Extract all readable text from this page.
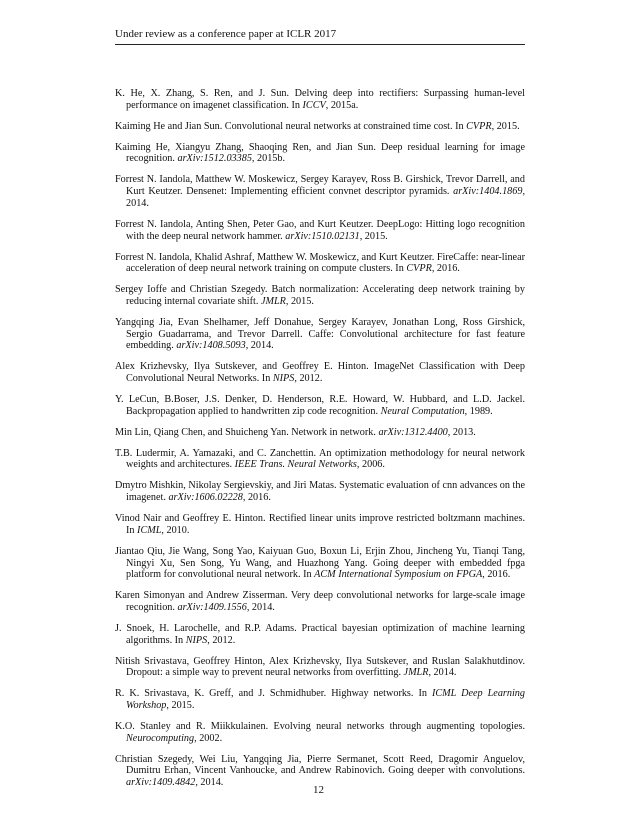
Under review as a conference paper at ICLR 2017

K. He, X. Zhang, S. Ren, and J. Sun. Delving deep into rectifiers: Surpassing human-level performance on imagenet classification. In ICCV, 2015a.

Kaiming He and Jian Sun. Convolutional neural networks at constrained time cost. In CVPR, 2015.

Kaiming He, Xiangyu Zhang, Shaoqing Ren, and Jian Sun. Deep residual learning for image recognition. arXiv:1512.03385, 2015b.

Forrest N. Iandola, Matthew W. Moskewicz, Sergey Karayev, Ross B. Girshick, Trevor Darrell, and Kurt Keutzer. Densenet: Implementing efficient convnet descriptor pyramids. arXiv:1404.1869, 2014.

Forrest N. Iandola, Anting Shen, Peter Gao, and Kurt Keutzer. DeepLogo: Hitting logo recognition with the deep neural network hammer. arXiv:1510.02131, 2015.

Forrest N. Iandola, Khalid Ashraf, Matthew W. Moskewicz, and Kurt Keutzer. FireCaffe: near-linear acceleration of deep neural network training on compute clusters. In CVPR, 2016.

Sergey Ioffe and Christian Szegedy. Batch normalization: Accelerating deep network training by reducing internal covariate shift. JMLR, 2015.

Yangqing Jia, Evan Shelhamer, Jeff Donahue, Sergey Karayev, Jonathan Long, Ross Girshick, Sergio Guadarrama, and Trevor Darrell. Caffe: Convolutional architecture for fast feature embedding. arXiv:1408.5093, 2014.

Alex Krizhevsky, Ilya Sutskever, and Geoffrey E. Hinton. ImageNet Classification with Deep Convolutional Neural Networks. In NIPS, 2012.

Y. LeCun, B.Boser, J.S. Denker, D. Henderson, R.E. Howard, W. Hubbard, and L.D. Jackel. Backpropagation applied to handwritten zip code recognition. Neural Computation, 1989.

Min Lin, Qiang Chen, and Shuicheng Yan. Network in network. arXiv:1312.4400, 2013.

T.B. Ludermir, A. Yamazaki, and C. Zanchettin. An optimization methodology for neural network weights and architectures. IEEE Trans. Neural Networks, 2006.

Dmytro Mishkin, Nikolay Sergievskiy, and Jiri Matas. Systematic evaluation of cnn advances on the imagenet. arXiv:1606.02228, 2016.

Vinod Nair and Geoffrey E. Hinton. Rectified linear units improve restricted boltzmann machines. In ICML, 2010.

Jiantao Qiu, Jie Wang, Song Yao, Kaiyuan Guo, Boxun Li, Erjin Zhou, Jincheng Yu, Tianqi Tang, Ningyi Xu, Sen Song, Yu Wang, and Huazhong Yang. Going deeper with embedded fpga platform for convolutional neural network. In ACM International Symposium on FPGA, 2016.

Karen Simonyan and Andrew Zisserman. Very deep convolutional networks for large-scale image recognition. arXiv:1409.1556, 2014.

J. Snoek, H. Larochelle, and R.P. Adams. Practical bayesian optimization of machine learning algorithms. In NIPS, 2012.

Nitish Srivastava, Geoffrey Hinton, Alex Krizhevsky, Ilya Sutskever, and Ruslan Salakhutdinov. Dropout: a simple way to prevent neural networks from overfitting. JMLR, 2014.

R. K. Srivastava, K. Greff, and J. Schmidhuber. Highway networks. In ICML Deep Learning Workshop, 2015.

K.O. Stanley and R. Miikkulainen. Evolving neural networks through augmenting topologies. Neurocomputing, 2002.

Christian Szegedy, Wei Liu, Yangqing Jia, Pierre Sermanet, Scott Reed, Dragomir Anguelov, Dumitru Erhan, Vincent Vanhoucke, and Andrew Rabinovich. Going deeper with convolutions. arXiv:1409.4842, 2014.

12
